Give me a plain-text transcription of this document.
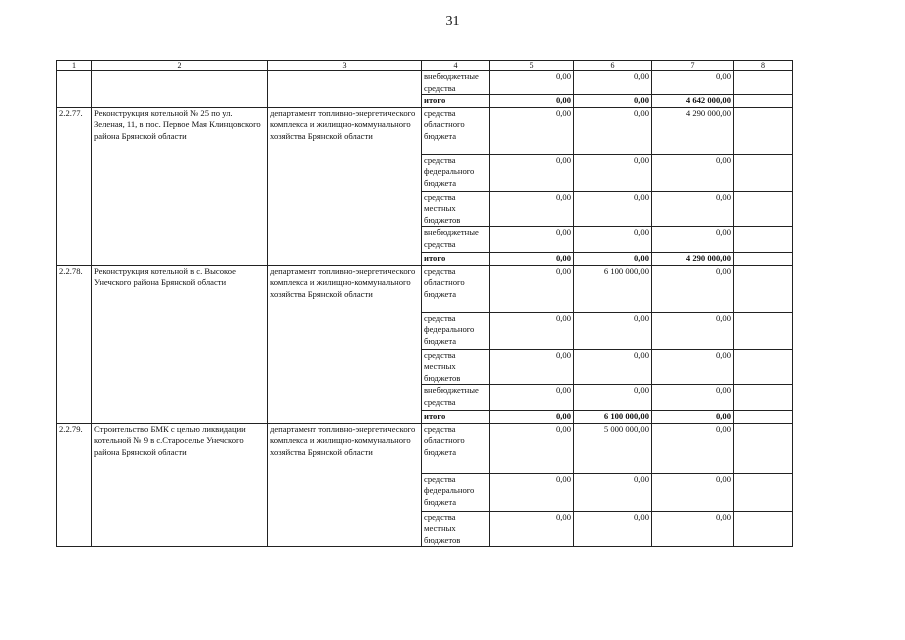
31
1	2	3	4	5	6	7	8
			внебюджетные средства	0,00	0,00	0,00	
			итого	0,00	0,00	4 642 000,00	
2.2.77.	Реконструкция котельной № 25 по ул. Зеленая, 11, в пос. Первое Мая Клинцовского района Брянской области	департамент топливно-энергетического комплекса и жилищно-коммунального хозяйства Брянской области	средства областного бюджета	0,00	0,00	4 290 000,00	
			средства федерального бюджета	0,00	0,00	0,00	
			средства местных бюджетов	0,00	0,00	0,00	
			внебюджетные средства	0,00	0,00	0,00	
			итого	0,00	0,00	4 290 000,00	
2.2.78.	Реконструкция котельной в с. Высокое Унечского района Брянской области	департамент топливно-энергетического комплекса и жилищно-коммунального хозяйства Брянской области	средства областного бюджета	0,00	6 100 000,00	0,00	
			средства федерального бюджета	0,00	0,00	0,00	
			средства местных бюджетов	0,00	0,00	0,00	
			внебюджетные средства	0,00	0,00	0,00	
			итого	0,00	6 100 000,00	0,00	
2.2.79.	Строительство БМК с целью ликвидации котельной № 9 в с.Староселье Унечского района Брянской области	департамент топливно-энергетического комплекса и жилищно-коммунального хозяйства Брянской области	средства областного бюджета	0,00	5 000 000,00	0,00	
			средства федерального бюджета	0,00	0,00	0,00	
			средства местных бюджетов	0,00	0,00	0,00	
